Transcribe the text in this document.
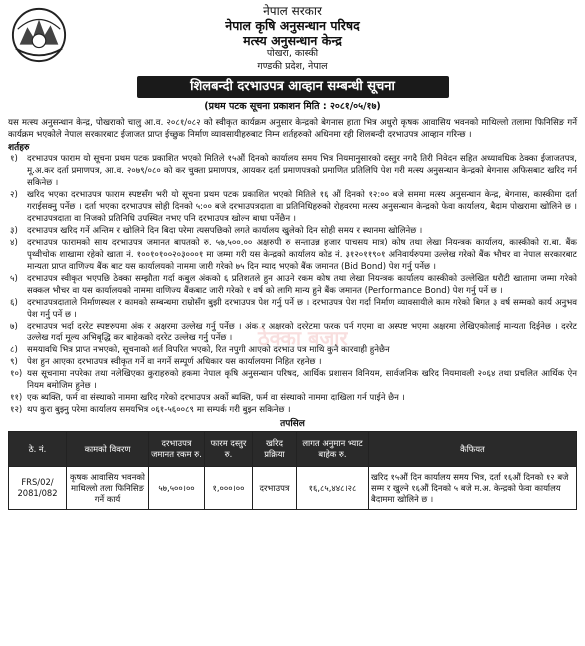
नेपाल सरकार
नेपाल कृषि अनुसन्धान परिषद
मत्स्य अनुसन्धान केन्द्र
पोखरा, कास्की
गण्डकी प्रदेश, नेपाल
शिलबन्दी दरभाउपत्र आव्हान सम्बन्धी सूचना
(प्रथम पटक सूचना प्रकाशन मिति : २०८१/०५/१७)
यस मत्स्य अनुसन्धान केन्द्र, पोखराको चालु आ.व. २०८१/०८२ को स्वीकृत कार्यक्रम अनुसार केन्द्रको बेगनास हाता भित्र अधुरो कृषक आवासिय भवनको माथिल्लो तलामा फिनिसिङ गर्ने कार्यक्रम भएकोले नेपाल सरकारबाट ईजाजत प्राप्त ईच्छुक निर्माण व्यावसायीहरुबाट निम्न शर्तहरुको अधिनमा रही शिलबन्दी दरभाउपत्र आव्हान गरिन्छ ।
शर्तहरु
१) दरभाउपत्र फाराम यो सूचना प्रथम पटक प्रकाशित भएको मितिले १५औं दिनको कार्यालय समय भित्र नियमानुसारको दस्तुर नगदै तिरी निवेदन सहित अध्यावधिक ठेक्का ईजाजतपत्र, मू.अ.कर दर्ता प्रमाणपत्र, आ.व. २०७९/०८० को कर चुक्ता प्रमाणपत्र, आयकर दर्ता प्रमाणपत्रको प्रमाणित प्रतिलिपि पेश गरी मत्स्य अनुसन्धान केन्द्रको बेगनास अफिसबाट खरिद गर्न सकिनेछ ।
२) खरिद भएका दरभाउपत्र फाराम स्पष्टसँग भरी यो सूचना प्रथम पटक प्रकाशित भएको मितिले १६ औं दिनको १२:०० बजे सममा मत्स्य अनुसन्धान केन्द्र, बेगनास, कास्कीमा दर्ता गराईसक्नु पर्नेछ । दर्ता भएका दरभाउपत्र सोही दिनको ५:०० बजे दरभाउपत्रदाता वा प्रतिनिधिहरुको रोहवरमा मत्स्य अनुसन्धान केन्द्रको फेवा कार्यालय, बैदाम पोखरामा खोलिने छ । दरभाउपत्रदाता वा निजको प्रतिनिधि उपस्थित नभए पनि दरभाउपत्र खोल्न बाधा पर्नेछैन ।
३) दरभाउपत्र खरिद गर्ने अन्तिम र खोलिने दिन बिदा परेमा त्यसपछिको लगते कार्यालय खुलेको दिन सोही समय र स्थानमा खोलिनेछ ।
४) दरभाउपत्र फारामको साथ दरभाउपत्र जमानत बापतको रु. ५७,५००.०० अक्षरुपी रु सन्ताउन्न हजार पाचसय मात्र) कोष तथा लेखा नियन्त्रक कार्यालय, कास्कीको रा.बा. बैंक पृथ्वीचोक शाखामा रहेको खाता नं. १००१०१००२०३०००१ मा जम्मा गरी यस केन्द्रको कार्यालय कोड नं. ३१२०११९०१ अनिवार्यरुपमा उल्लेख गरेको बैंक भौचर वा नेपाल सरकारबाट मान्यता प्राप्त वाणिज्य बैंक बाट यस कार्यालयको नाममा जारी गरेको ७५ दिन म्याद भएको बैंक जमानत (Bid Bond) पेश गर्नु पर्नेछ ।
५) दरभाउपत्र स्वीकृत भएपछि ठेक्का सम्झौता गर्दा कबुल अंकको ६ प्रतिशतले हुन आउने रकम कोष तथा लेखा नियन्त्रक कार्यालय कास्कीको उल्लेखित धरौटी खातामा जम्मा गरेको सक्कल भौचर वा यस कार्यालयको नाममा वाणिज्य बैंकबाट जारी गरेको १ वर्ष को लागि मान्य हुने बैंक जमानत (Performance Bond) पेश गर्नु पर्ने छ ।
६) दरभाउपत्रदाताले निर्माणस्थल र कामको सम्बन्धमा राम्रोसँग बुझी दरभाउपत्र पेश गर्नु पर्ने छ । दरभाउपत्र पेश गर्दा निर्माण व्यावसायीले काम गरेको बिगत ३ वर्ष सम्मको कार्य अनुभव पेश गर्नु पर्ने छ ।
७) दरभाउपत्र भर्दा दररेट स्पष्टरुपमा अंक र अक्षरमा उल्लेख गर्नु पर्नेछ । अंक र अक्षरको दररेटमा फरक पर्न गएमा वा अस्पष्ट भएमा अक्षरमा लेखिएकोलाई मान्यता दिईनेछ । दररेट उल्लेख गर्दा मूल्य अभिबृद्धि कर बाहेकको दररेट उल्लेख गर्नु पर्नेछ ।
८) समयावधि भित्र प्राप्त नभएको, सूचनाको शर्त विपरित भएको, रित नपुगी आएको दरभाउ पत्र माथि कुनै कारवाही हुनेछैन
९) पेश हुन आएका दरभाउपत्र स्वीकृत गर्ने वा नगर्ने सम्पूर्ण अधिकार यस कार्यालयमा निहित रहनेछ ।
१०) यस सूचनामा नपरेका तथा नलेखिएका कुराहरुको हकमा नेपाल कृषि अनुसन्धान परिषद, आर्थिक प्रशासन विनियम, सार्वजनिक खरिद नियमावली २०६४ तथा प्रचलित आर्थिक ऐन नियम बमोजिम हुनेछ ।
११) एक ब्यक्ति, फर्म वा संस्थाको नाममा खरिद गरेको दरभाउपत्र अर्को ब्यक्ति, फर्म वा संस्थाको नाममा दाखिला गर्न पाईने छैन ।
१२) थप कुरा बुझ्नु परेमा कार्यालय समयभित्र ०६१-५६००८९ मा सम्पर्क गरी बुझ्न सकिनेछ ।
तपसिल
ठे. नं.	कामको विवरण	दरभाउपत्र जमानत रकम रु.	फारम दस्तुर रु.	खरिद प्रक्रिया	लागत अनुमान भ्याट बाहेक रु.	कैफियत
FRS/02/ 2081/082	कृषक आवासिय भवनको माथिल्लो तला फिनिसिङ गर्ने कार्य	५७,५००।००	१,०००।००	दरभाउपत्र	१६,८५,४४८।२८	खरिद १५औं दिन कार्यालय समय भित्र, दर्ता १६औं दिनको १२ बजे सम्म र खुल्ने १६औं दिनको ५ बजे म.अ. केन्द्रको फेवा कार्यालय बैदाममा खोलिने छ ।
ठेक्का बजार
